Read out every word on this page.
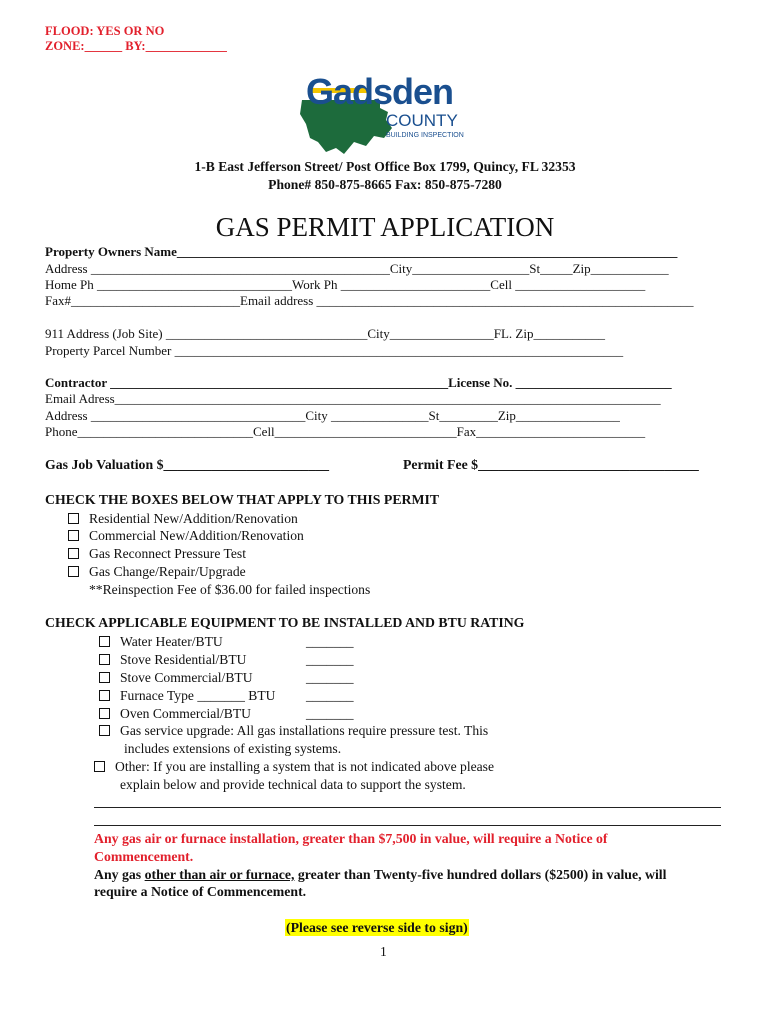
FLOOD: YES OR NO
ZONE:______ BY:_____________
Gadsden
COUNTY
BUILDING INSPECTION
1-B East Jefferson Street/ Post Office Box 1799, Quincy, FL 32353
Phone# 850-875-8665 Fax: 850-875-7280
GAS PERMIT APPLICATION
Property Owners Name_____________________________________________________________________________
Address ______________________________________________City__________________St_____Zip____________
Home Ph ______________________________Work Ph _______________________Cell ____________________
Fax#__________________________Email address __________________________________________________________
911 Address (Job Site) _______________________________City________________FL. Zip___________
Property Parcel Number _____________________________________________________________________
Contractor ____________________________________________________License No. ________________________
Email Adress____________________________________________________________________________________
Address _________________________________City _______________St_________Zip________________
Phone___________________________Cell____________________________Fax__________________________
Gas Job Valuation $________________________	Permit Fee $________________________________
CHECK THE BOXES BELOW THAT APPLY TO THIS PERMIT
Residential New/Addition/Renovation
Commercial New/Addition/Renovation
Gas Reconnect Pressure Test
Gas Change/Repair/Upgrade
**Reinspection Fee of $36.00 for failed inspections
CHECK APPLICABLE EQUIPMENT TO BE INSTALLED AND BTU RATING
Water Heater/BTU	_______
Stove Residential/BTU	_______
Stove Commercial/BTU	_______
Furnace Type _______ BTU _______
Oven Commercial/BTU	_______
Gas service upgrade: All gas installations require pressure test. This
includes extensions of existing systems.
Other: If you are installing a system that is not indicated above please
explain below and provide technical data to support the system.
Any gas air or furnace installation, greater than $7,500 in value, will require a Notice of
Commencement.
Any gas other than air or furnace, greater than Twenty-five hundred dollars ($2500) in value, will
require a Notice of Commencement.
(Please see reverse side to sign)
1
